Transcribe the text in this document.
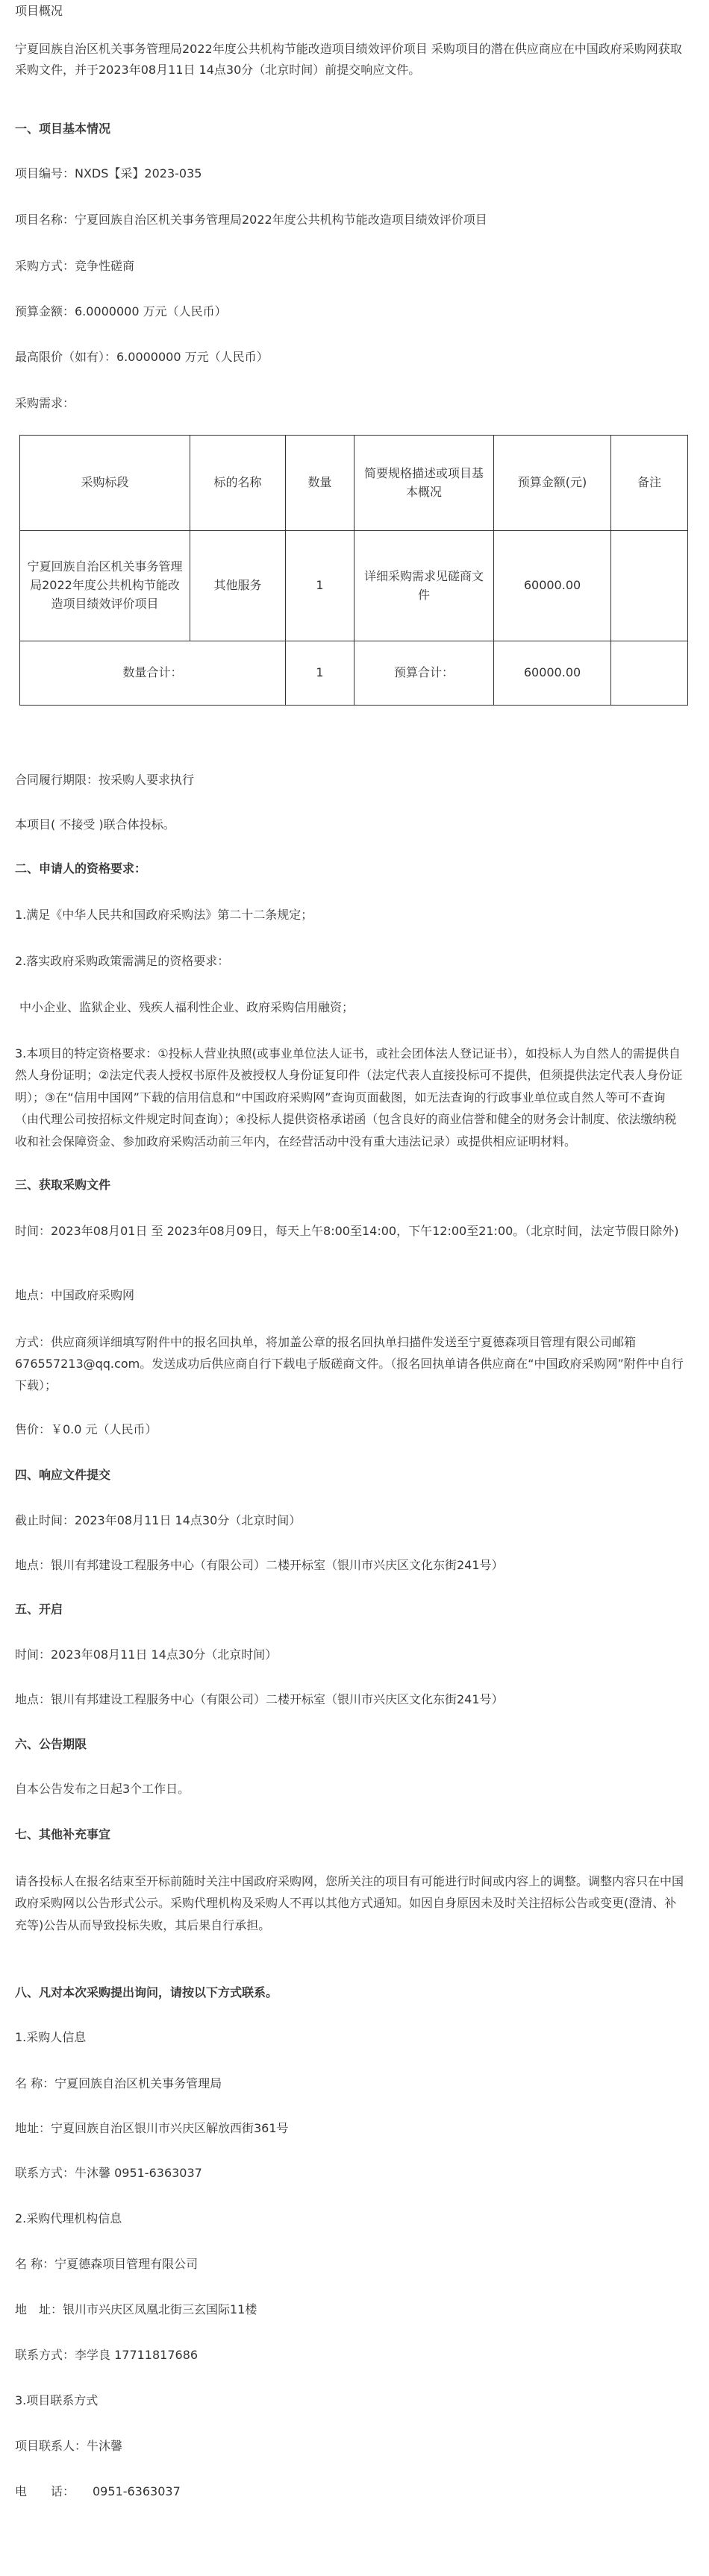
项目概况
宁夏回族自治区机关事务管理局2022年度公共机构节能改造项目绩效评价项目 采购项目的潜在供应商应在中国政府采购网获取采购文件，并于2023年08月11日 14点30分（北京时间）前提交响应文件。
一、项目基本情况
项目编号：NXDS【采】2023-035
项目名称：宁夏回族自治区机关事务管理局2022年度公共机构节能改造项目绩效评价项目
采购方式：竞争性磋商
预算金额：6.0000000 万元（人民币）
最高限价（如有）：6.0000000 万元（人民币）
采购需求：
采购标段	标的名称	数量	简要规格描述或项目基本概况	预算金额(元)	备注
宁夏回族自治区机关事务管理局2022年度公共机构节能改造项目绩效评价项目	其他服务	1	详细采购需求见磋商文件	60000.00	
数量合计：		1	预算合计：	60000.00	
合同履行期限：按采购人要求执行
本项目( 不接受 )联合体投标。
二、申请人的资格要求：
1.满足《中华人民共和国政府采购法》第二十二条规定；
2.落实政府采购政策需满足的资格要求：
中小企业、监狱企业、残疾人福利性企业、政府采购信用融资；
3.本项目的特定资格要求：①投标人营业执照(或事业单位法人证书，或社会团体法人登记证书），如投标人为自然人的需提供自然人身份证明；②法定代表人授权书原件及被授权人身份证复印件（法定代表人直接投标可不提供，但须提供法定代表人身份证明）；③在“信用中国网”下载的信用信息和“中国政府采购网”查询页面截图，如无法查询的行政事业单位或自然人等可不查询（由代理公司按招标文件规定时间查询）；④投标人提供资格承诺函（包含良好的商业信誉和健全的财务会计制度、依法缴纳税收和社会保障资金、参加政府采购活动前三年内，在经营活动中没有重大违法记录）或提供相应证明材料。
三、获取采购文件
时间：2023年08月01日 至 2023年08月09日，每天上午8:00至14:00，下午12:00至21:00。（北京时间，法定节假日除外)
地点：中国政府采购网
方式：供应商须详细填写附件中的报名回执单，将加盖公章的报名回执单扫描件发送至宁夏德森项目管理有限公司邮箱676557213@qq.com。发送成功后供应商自行下载电子版磋商文件。（报名回执单请各供应商在“中国政府采购网”附件中自行下载）；
售价：￥0.0 元（人民币）
四、响应文件提交
截止时间：2023年08月11日 14点30分（北京时间）
地点：银川有邦建设工程服务中心（有限公司）二楼开标室（银川市兴庆区文化东街241号）
五、开启
时间：2023年08月11日 14点30分（北京时间）
地点：银川有邦建设工程服务中心（有限公司）二楼开标室（银川市兴庆区文化东街241号）
六、公告期限
自本公告发布之日起3个工作日。
七、其他补充事宜
请各投标人在报名结束至开标前随时关注中国政府采购网，您所关注的项目有可能进行时间或内容上的调整。调整内容只在中国政府采购网以公告形式公示。采购代理机构及采购人不再以其他方式通知。如因自身原因未及时关注招标公告或变更(澄清、补充等)公告从而导致投标失败，其后果自行承担。
八、凡对本次采购提出询问，请按以下方式联系。
1.采购人信息
名 称：宁夏回族自治区机关事务管理局
地址：宁夏回族自治区银川市兴庆区解放西街361号
联系方式：牛沐馨 0951-6363037
2.采购代理机构信息
名 称：宁夏德森项目管理有限公司
地　址：银川市兴庆区凤凰北街三玄国际11楼
联系方式：李学良 17711817686
3.项目联系方式
项目联系人：牛沐馨
电　　话：　　0951-6363037
